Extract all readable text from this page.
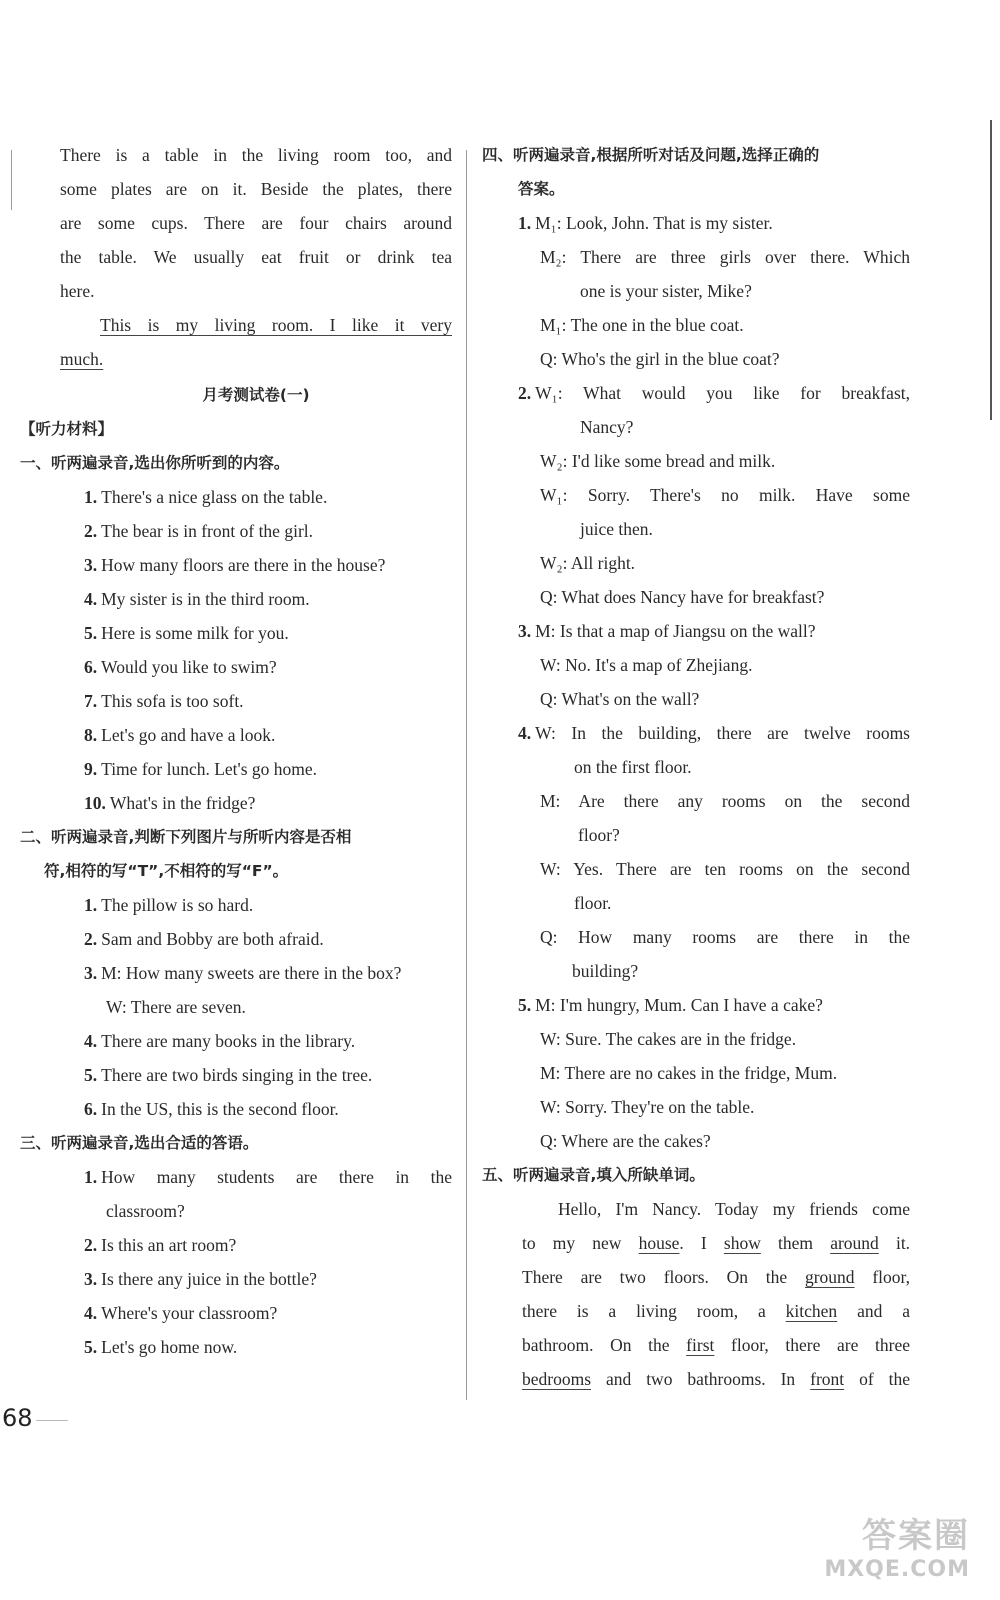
There is a table in the living room too, and
some plates are on it. Beside the plates, there
are some cups. There are four chairs around
the table. We usually eat fruit or drink tea
here.
This is my living room. I like it very
much.
月考测试卷(一)
【听力材料】
一、听两遍录音,选出你所听到的内容。
1. There's a nice glass on the table.
2. The bear is in front of the girl.
3. How many floors are there in the house?
4. My sister is in the third room.
5. Here is some milk for you.
6. Would you like to swim?
7. This sofa is too soft.
8. Let's go and have a look.
9. Time for lunch. Let's go home.
10. What's in the fridge?
二、听两遍录音,判断下列图片与所听内容是否相
符,相符的写“T”,不相符的写“F”。
1. The pillow is so hard.
2. Sam and Bobby are both afraid.
3. M: How many sweets are there in the box?
W: There are seven.
4. There are many books in the library.
5. There are two birds singing in the tree.
6. In the US, this is the second floor.
三、听两遍录音,选出合适的答语。
1. How many students are there in the
classroom?
2. Is this an art room?
3. Is there any juice in the bottle?
4. Where's your classroom?
5. Let's go home now.
四、听两遍录音,根据所听对话及问题,选择正确的
答案。
1. M₁: Look, John. That is my sister.
M₂: There are three girls over there. Which
one is your sister, Mike?
M₁: The one in the blue coat.
Q: Who's the girl in the blue coat?
2. W₁: What would you like for breakfast,
Nancy?
W₂: I'd like some bread and milk.
W₁: Sorry. There's no milk. Have some
juice then.
W₂: All right.
Q: What does Nancy have for breakfast?
3. M: Is that a map of Jiangsu on the wall?
W: No. It's a map of Zhejiang.
Q: What's on the wall?
4. W: In the building, there are twelve rooms
on the first floor.
M: Are there any rooms on the second
floor?
W: Yes. There are ten rooms on the second
floor.
Q: How many rooms are there in the
building?
5. M: I'm hungry, Mum. Can I have a cake?
W: Sure. The cakes are in the fridge.
M: There are no cakes in the fridge, Mum.
W: Sorry. They're on the table.
Q: Where are the cakes?
五、听两遍录音,填入所缺单词。
Hello, I'm Nancy. Today my friends come
to my new house. I show them around it.
There are two floors. On the ground floor,
there is a living room, a kitchen and a
bathroom. On the first floor, there are three
bedrooms and two bathrooms. In front of the
68
答案圈
MXQE.COM
